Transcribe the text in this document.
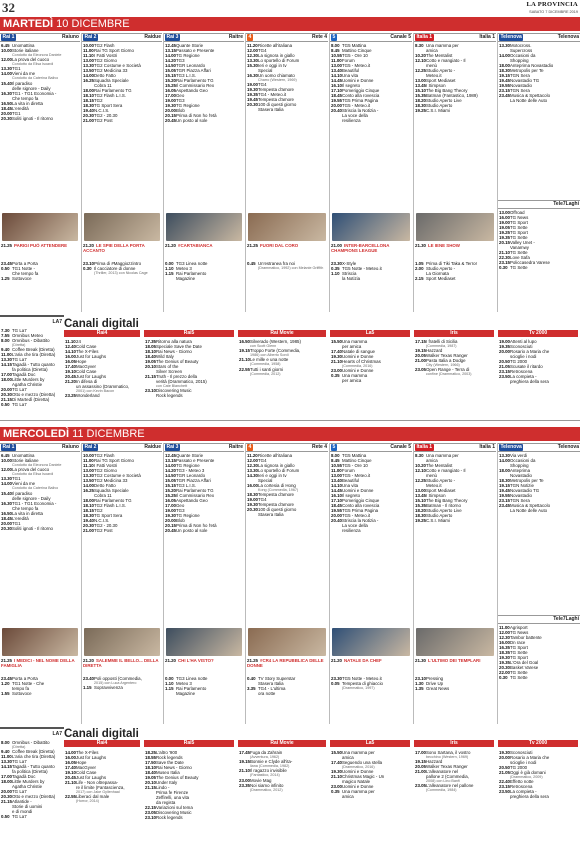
32	LA PROVINCIA
SABATO 7 DICEMBRE 2019
MARTEDÌ 10 DICEMBRE
Rai 1	Raiuno
6.45 Unomattina
10.00 Storie italiane
Condotto da Eleonora Daniele
12.00 La prova del cuoco
Condotto da Elisa Isoardi
13.30 TG1
14.00 Vieni da me
Condotto da Caterina Balivo
15.40 Il paradiso
delle signore - Daily
16.30 TG1 - TG1 Economia -
Che tempo fa
16.50 La vita in diretta
18.45 L'eredità
20.00 TG1
20.30 Soliti ignoti - Il ritorno
21.25 PARIGI PUÒ ATTENDERE
23.45 Porta a Porta
0.50 TG1 Notte -
Che tempo fa
1.25 Sottovoce
Rai 2	Raidue
10.00 TG2 Flash
11.00 Rai TG Sport Giorno
11.10 I Fatti Vostri
13.00 TG2 Giorno
13.30 TG2 Costume e Società
13.50 TG2 Medicina 33
14.00 Detto Fatto
16.25 Squadra Speciale
Cobra 11
18.00 Rai Parlamento TG
18.10 TG2 Flash L.I.S.
18.15 TG2
18.30 TG Sport Sera
19.40 N.C.I.S.
20.30 TG2 - 20.30
21.00 TG2 Post
21.20 LE SPIE DELLA PORTA ACCANTO
23.10 Prima di #Maggiozzintro
0.30 Il cacciatore di donne
(Thriller, 2013) con Nicolas Cage
Rai 3	Raitre
12.45 Quante Storie
13.15 Passato e Presente
14.00 TG Regione
14.20 TG3
14.50 TGR Leonardo
15.05 TGR Piazza Affari
15.15 TG3 L.I.S.
15.20 Rai Parlamento TG
15.25 Il Commissario Rex
16.05 Aspettando Geo
17.00 Geo
19.00 TG3
19.30 TG Regione
20.00 Blob
20.15 Prima di Non ho l'età
20.45 Un posto al sole
21.20 #CARTABIANCA
0.00 TG3 Linea notte
1.10 Meteo 3
1.15 Rai Parlamento
Magazine
4	Rete 4
11.20 Ricette all'italiana
12.00 TG4
12.30 La signora in giallo
13.30 Lo sportello di Forum
15.30 Ieri e oggi in tv
Special
16.30 Un uomo chiamato
Charro (Western, 1969)
19.00 TG4
19.30 Tempesta d'amore
19.35 TG4 - Meteo.it
19.45 Tempesta d'amore
20.30 100 di questi giorno
Stasera Italia
21.25 FUORI DAL CORO
0.45 Un'estranea fra noi
(Drammatico, 1992) con Melanie Griffith
5	Canale 5
8.00 TG5 Mattina
8.45 Mattino Cinque
10.55 TG5 - Ore 10
11.00 Forum
13.00 TG5 - Meteo.it
13.40 Beautiful
14.10 Una vita
14.45 Uomini e Donne
16.10 Il segreto
17.10 Pomeriggio Cinque
18.45 Conto alla rovescia
19.55 TG5 Prima Pagina
20.00 TG5 - Meteo.it
20.40 Striscia la Notizia -
La voce della
resilienza
21.00 INTER-BARCELLONA CHAMPIONS LEAGUE
23.30 X-Style
0.35 TG5 Notte - Meteo.it
1.10 Striscia
la Notizia
Italia 1	Italia 1
8.30 Una mamma per
amica
10.20 The Mentalist
12.10 Cotto e mangiato - Il
menù
12.25 Studio Aperto -
Meteo.it
13.00 Sport Mediaset
13.45 I Simpson
15.10 The Big Bang Theory
15.35 Batman (Fantastico, 1989)
18.20 Studio Aperto Live
18.30 Studio Aperto
19.25 C.S.I. Miami
21.30 LE IENE SHOW
1.05 Prima di Tiki Taka & Terror
2.00 Studio Aperto -
La Giornata
2.15 Sport Mediaset
Telenova	Telenova
13.30 Motocross.
Supercross
14.00 Occasioni da
Shopping
18.00 Anteprima Novastadio
18.30 Metropolis per Te
19.15 TGN Sera
19.45 Novastadio TG
19.55 Novastadio
23.15 TGN Sera
23.45 Musica & Spettacolo
La Notte delle Auto
Tele7Laghi
13.00 Offroad
16.00 TG News
19.00 TG Sport
19.05 TG Sette
19.25 TG Sport
19.35 TG Sette
20.15 Valley Unet -
Vanamwy
21.10 TG Sette
22.30 Love Safa
23.15 Policcasedra Varese
0.30 TG Sette
LA7
7.30 TG La7
7.55 Omnibus Meteo
8.00 Omnibus - Dibattito
(Diretta)
9.40 Coffee Break (Diretta)
11.00 L'aria che tira (Diretta)
13.30 TG La7
14.15 Tagadà - Tutto quanto
fa politica (Diretta)
17.00 Tagadà Doc
18.00 Little Murders by
Agatha Christie
20.00 TG La7
20.30 Otto e mezzo (Diretta)
21.15 Di Martedì (Diretta)
0.50 TG La7
Canali digitali
Rai4
11.10 24
12.40 Cold Case
14.10 The X-Files
16.00 Just for Laughs
16.05 Hope
17.40 MacGyver
19.10 Cold Case
20.45 Just for Laughs
21.20 In difesa di
un assassino (Drammatico,
2001) con Kevin Bacon
23.25 Wonderland
Rai5
17.35 Ritorno alla natura
18.05 Speciale Save the Date
18.10 Rai News - Giorno
18.40 Wild Italy
19.05 The Genius of Beauty
20.10 Stars of the
Silver Screen
21.15 Truth - Il prezzo della
verità (Drammatico, 2015)
con Cate Blanchett
23.10 Discovering Music
Rock legends
Rai Movie
16.50 Silverado (Western, 1985)
con Scott Glenn
19.15 Troppo Forte (Commedia,
1986) con Alberto Sordi
21.10 Le mille e una notte
(Commedia, 1958)
22.55 Tutti i santi giorni
(Commedia, 2012)
La5
15.50 Una mamma
per amica
17.40 Natale di sangue
19.30 Uomini e Donne
21.10 Hearts of Christmas
(Commedia, 2016)
23.00 Uomini e Donne
0.35 Una mamma
per amica
Iris
17.15 I fratelli di Sicilia
(Commedia, 1987)
19.15 Hazzard
20.05 Walker Texas Ranger
21.00 Pasta Italia a Dodge
City (Western, 1966)
23.05 Open Range - Terra di
confine (Drammatico, 2003)
Tv 2000
19.00 Attenti al lupo
19.35 Sconosciuti
20.00 Rosario a Maria che
scioglie i nodi
20.50 TG 2000
21.05 Scusate il ritardo
23.15 Retroscena
23.50 La compieta -
preghiera della sera
MERCOLEDÌ 11 DICEMBRE
Rai 1	Raiuno
6.45 Unomattina
10.00 Storie italiane
Condotto da Eleonora Daniele
12.00 La prova del cuoco
Condotto da Elisa Isoardi
13.30 TG1
14.00 Vieni da me
Condotto da Caterina Balivo
15.40 Il paradiso
delle signore - Daily
16.30 TG1 - TG1 Economia -
Che tempo fa
16.50 La vita in diretta
18.45 L'eredità
20.00 TG1
20.30 Soliti ignoti - Il ritorno
21.25 I MEDICI - NEL NOME DELLA FAMIGLIA
23.45 Porta a Porta
1.20 TG1 Notte - Che
tempo fa
1.55 Sottovoce
Rai 2	Raidue
10.00 TG2 Flash
11.00 Rai TG Sport Giorno
11.10 I Fatti Vostri
13.00 TG2 Giorno
13.30 TG2 Costume e Società
13.50 TG2 Medicina 33
14.00 Detto Fatto
16.25 Squadra Speciale
Cobra 11
18.00 Rai Parlamento TG
18.10 TG2 Flash L.I.S.
18.15 TG2
18.30 TG Sport Sera
19.40 N.C.I.S.
20.30 TG2 - 20.30
21.00 TG2 Post
21.20 SALEMME IL BELLO... DELLA DIRETTA
23.40 Poli opposti (Commedia,
2015) con Luca Argentero
1.15 Sopravvivenza
Rai 3	Raitre
12.45 Quante Storie
13.15 Passato e Presente
14.00 TG Regione
14.20 TG3 - Meteo 3
14.50 TGR Leonardo
15.05 TGR Piazza Affari
15.15 TG3 L.I.S.
15.20 Rai Parlamento TG
15.25 Il Commissario Rex
16.05 Aspettando Geo
17.00 Geo
19.00 TG3
19.30 TG Regione
20.00 Blob
20.15 Prima di Non ho l'età
20.45 Un posto al sole
21.20 CHI L'HA VISTO?
0.00 TG3 Linea notte
1.10 Meteo 3
1.15 Rai Parlamento
Magazine
4	Rete 4
11.20 Ricette all'italiana
12.00 TG4
12.30 La signora in giallo
13.30 Lo sportello di Forum
14.30 Ieri e oggi in tv
Special
16.00 La cortesia di Hong
Kong (Commedia, 1967)
18.30 Tempesta d'amore
19.00 TG4
19.30 Tempesta d'amore
20.30 100 di questi giorno
Stasera Italia
21.25 #CR4 LA REPUBBLICA DELLE DONNE
0.40 TV Story Superstar
Stasera Italia
3.35 TG4 - L'ultima
ora notte
5	Canale 5
8.00 TG5 Mattina
8.45 Mattino Cinque
10.55 TG5 - Ore 10
11.00 Forum
13.00 TG5 - Meteo.it
13.40 Beautiful
14.10 Una vita
14.45 Uomini e Donne
16.10 Il segreto
17.10 Pomeriggio Cinque
18.45 Conto alla rovescia
19.55 TG5 Prima Pagina
20.00 TG5 - Meteo.it
20.40 Striscia la Notizia -
La voce della
resilienza
21.20 NATALE DA CHEF
23.30 TG5 Notte - Meteo.it
0.05 Tempesta di ghiaccio
(Drammatico, 1997)
Italia 1	Italia 1
8.30 Una mamma per
amica
10.20 The Mentalist
12.10 Cotto e mangiato - Il
menù
12.25 Studio Aperto -
Meteo.it
13.00 Sport Mediaset
13.45 I Simpson
15.10 The Big Bang Theory
15.35 Batman - Il ritorno
18.20 Studio Aperto Live
18.30 Studio Aperto
19.25 C.S.I. Miami
21.30 L'ULTIMO DEI TEMPLARI
23.10 Pressing
1.30 Drive Up
1.35 Great News
Telenova	Telenova
13.30 Via verdi
14.00 Occasioni da
Shopping
18.00 Anteprima
Novastadio
18.30 Metropolis per Te
19.15 TGN Notizie
19.45 Novastadio TG
19.55 Novastadio
23.15 TGN Sera
23.45 Musica & Spettacolo
La Notte delle Auto
Tele7Laghi
11.00 Agrisport
12.00 TG News
12.30 Tambor battente
16.00 Dn race
16.35 TG Sport
18.35 TG Sette
19.30 TG Sport
19.35 L'Ora del Goal
20.30 Basket Varese
22.00 TG Sette
0.30 TG Sette
LA7
8.00 Omnibus - Dibattito
(Diretta)
9.40 Coffee Break (Diretta)
11.00 L'aria che tira (Diretta)
13.30 TG La7
14.15 Tagadà - Tutto quanto
fa politica (Diretta)
17.00 Tagadà Doc
18.00 Little Murders by
Agatha Christie
20.00 TG La7
20.30 Otto e mezzo (Diretta)
21.15 Atlantide -
Storie di uomini
e di mondi
0.50 TG La7
Canali digitali
Rai4
14.00 The X-Files
16.00 Just for Laughs
16.05 Hope
17.40 MacGyver
19.10 Cold Case
20.45 Just for Laughs
21.10 Life - Non oltrepassa-
re il limite (Fantascienza,
2017) con Jake Gyllenhaal
22.55 Liberaci dal male
(Horror, 2014)
Rai5
18.25 L'altro '900
18.55 Rock legends
17.50 Save the Date
18.10 Rai News - Giorno
18.40 Museo Italia
19.05 The Genius of Beauty
20.10 Under Italy
21.15 Lindo -
Prima fe Firenze
Zeffirelli, una vita
da regista
22.15 Variazioni sul tema
23.05 Discovering Music
23.10 Rock legends
Rai Movie
17.45 Fuga da Zahrain
(Avventura, 1962)
19.15 Bonnie e Clyde all'ita-
liana (Commedia, 1982)
21.10 Il ragazzo invisibile
(Fantastico, 2014)
23.00 Movie Mag
23.35 Noi siamo infinito
(Drammatico, 2012)
La5
15.50 Una mamma per
amica
17.40 Seguendo una stella
(Drammatico, 2016)
19.30 Uomini e Donne
21.10 Christmas Magic - Un
magico Natale
23.00 Uomini e Donne
0.35 Una mamma per
amica
Iris
17.00 Sono Sartana, il vostro
becchino (Western, 1969)
19.15 Hazzard
20.05 Walker Texas Ranger
21.00 L'alleanatore nel
pallone 2 (Commedia,
2008) con Lino Banfi
23.05 L'alleanatore nel pallone
(Commedia, 1984)
Tv 2000
19.30 Sconosciuti
20.00 Rosario a Maria che
scioglie i nodi
20.50 TG 2000
21.05 Oggi è già domani
(Drammatico, 2009)
22.40 Effetto notte
23.15 Retroscena
23.50 La compieta -
preghiera della sera
